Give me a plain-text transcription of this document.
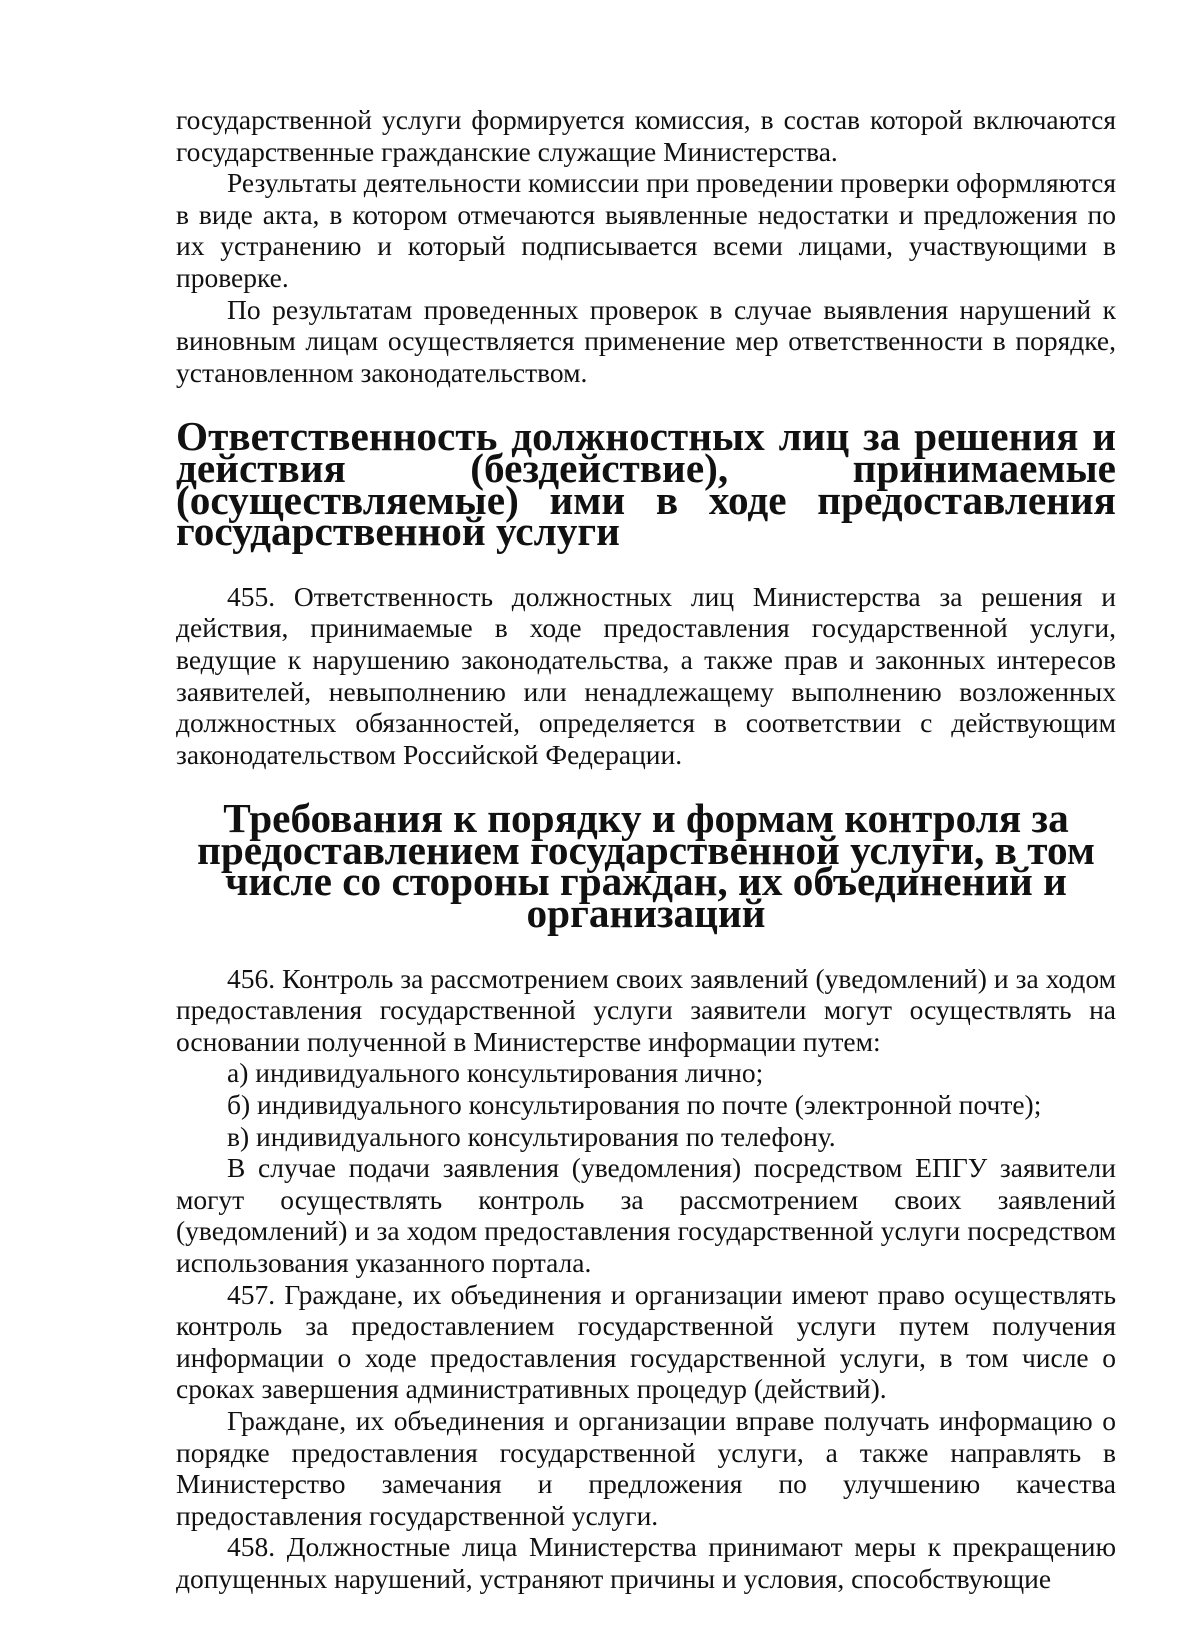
государственной услуги формируется комиссия, в состав которой включаются государственные гражданские служащие Министерства.

Результаты деятельности комиссии при проведении проверки оформляются в виде акта, в котором отмечаются выявленные недостатки и предложения по их устранению и который подписывается всеми лицами, участвующими в проверке.

По результатам проведенных проверок в случае выявления нарушений к виновным лицам осуществляется применение мер ответственности в порядке, установленном законодательством.

Ответственность должностных лиц за решения и действия (бездействие), принимаемые (осуществляемые) ими в ходе предоставления государственной услуги

455. Ответственность должностных лиц Министерства за решения и действия, принимаемые в ходе предоставления государственной услуги, ведущие к нарушению законодательства, а также прав и законных интересов заявителей, невыполнению или ненадлежащему выполнению возложенных должностных обязанностей, определяется в соответствии с действующим законодательством Российской Федерации.

Требования к порядку и формам контроля за предоставлением государственной услуги, в том числе со стороны граждан, их объединений и организаций

456. Контроль за рассмотрением своих заявлений (уведомлений) и за ходом предоставления государственной услуги заявители могут осуществлять на основании полученной в Министерстве информации путем:

а) индивидуального консультирования лично;

б) индивидуального консультирования по почте (электронной почте);

в) индивидуального консультирования по телефону.

В случае подачи заявления (уведомления) посредством ЕПГУ заявители могут осуществлять контроль за рассмотрением своих заявлений (уведомлений) и за ходом предоставления государственной услуги посредством использования указанного портала.

457. Граждане, их объединения и организации имеют право осуществлять контроль за предоставлением государственной услуги путем получения информации о ходе предоставления государственной услуги, в том числе о сроках завершения административных процедур (действий).

Граждане, их объединения и организации вправе получать информацию о порядке предоставления государственной услуги, а также направлять в Министерство замечания и предложения по улучшению качества предоставления государственной услуги.

458. Должностные лица Министерства принимают меры к прекращению допущенных нарушений, устраняют причины и условия, способствующие
